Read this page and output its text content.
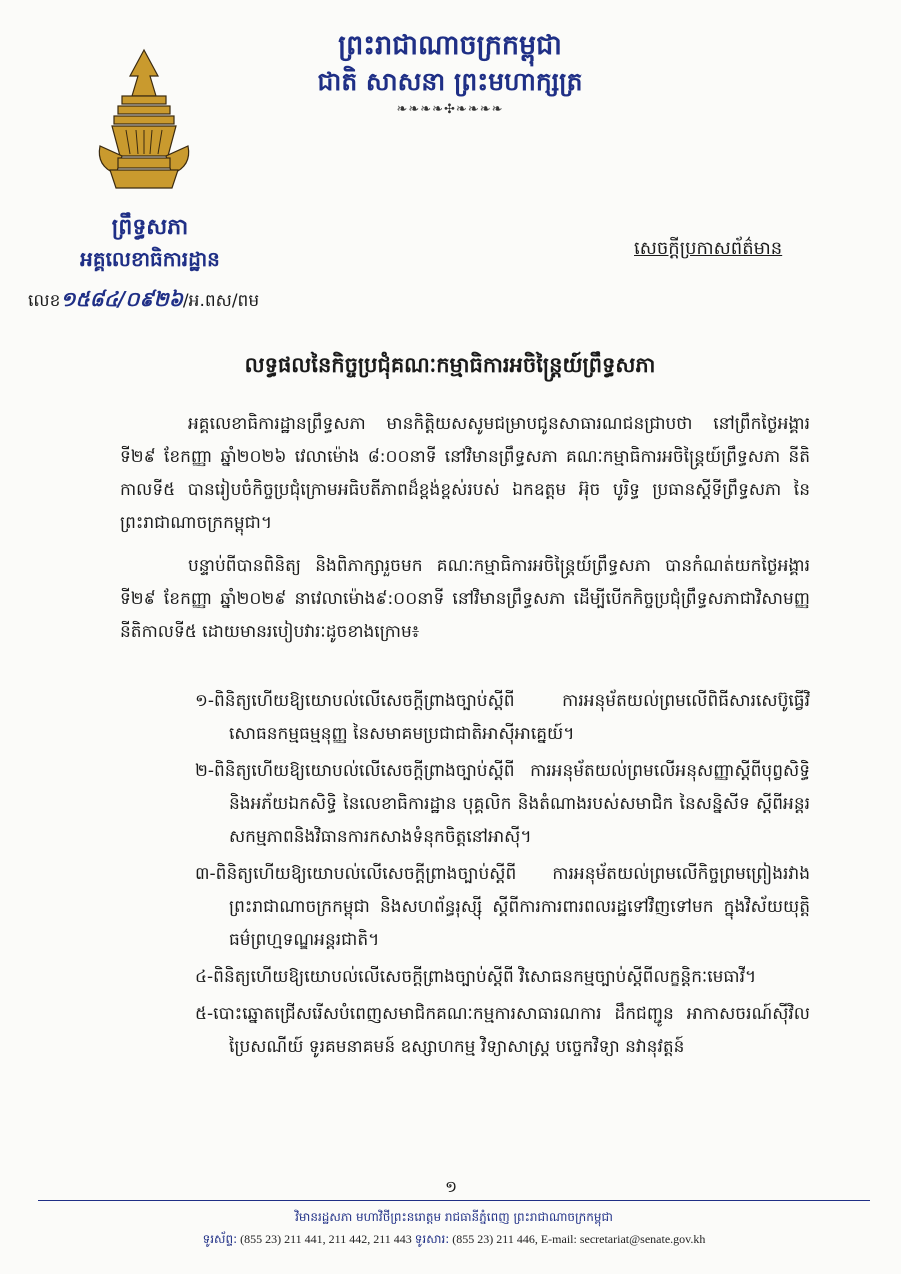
ព្រះរាជាណាចក្រកម្ពុជា
ជាតិ សាសនា ព្រះមហាក្សត្រ
❧❧❧❧✣❧❧❧❧
ព្រឹទ្ធសភា
អគ្គលេខាធិការដ្ឋាន
លេខ១៥៨៤/០៩២៦/អ.ពស/ពម
សេចក្តីប្រកាសព័ត៌មាន
លទ្ធផលនៃកិច្ចប្រជុំគណៈកម្មាធិការអចិន្ត្រៃយ៍ព្រឹទ្ធសភា

អគ្គលេខាធិការដ្ឋានព្រឹទ្ធសភា មានកិត្តិយសសូមជម្រាបជូនសាធារណជនជ្រាបថា នៅព្រឹកថ្ងៃអង្គារ ទី២៩ ខែកញ្ញា ឆ្នាំ២០២៦ វេលាម៉ោង ៨:០០នាទី នៅវិមានព្រឹទ្ធសភា គណៈកម្មាធិការអចិន្ត្រៃយ៍ព្រឹទ្ធសភា នីតិកាលទី៥ បានរៀបចំកិច្ចប្រជុំក្រោមអធិបតីភាពដ៏ខ្ពង់ខ្ពស់របស់ ឯកឧត្តម អ៊ុច បូរិទ្ធ ប្រធានស្តីទីព្រឹទ្ធសភា នៃព្រះរាជាណាចក្រកម្ពុជា។

បន្ទាប់ពីបានពិនិត្យ និងពិភាក្សារួចមក គណៈកម្មាធិការអចិន្ត្រៃយ៍ព្រឹទ្ធសភា បានកំណត់យកថ្ងៃអង្គារ ទី២៩ ខែកញ្ញា ឆ្នាំ២០២៩ នាវេលាម៉ោង៩:០០នាទី នៅវិមានព្រឹទ្ធសភា ដើម្បីបើកកិច្ចប្រជុំព្រឹទ្ធសភាជាវិសាមញ្ញ នីតិកាលទី៥ ដោយមានរបៀបវារៈដូចខាងក្រោម៖

១-ពិនិត្យហើយឱ្យយោបល់លើសេចក្តីព្រាងច្បាប់ស្តីពី ការអនុម័តយល់ព្រមលើពិធីសារសេប៊ូធ្វើវិសោធនកម្មធម្មនុញ្ញ នៃសមាគមប្រជាជាតិអាស៊ីអាគ្នេយ៍។
២-ពិនិត្យហើយឱ្យយោបល់លើសេចក្តីព្រាងច្បាប់ស្តីពី ការអនុម័តយល់ព្រមលើអនុសញ្ញាស្តីពីបុព្វសិទ្ធិ និងអភ័យឯកសិទ្ធិ នៃលេខាធិការដ្ឋាន បុគ្គលិក និងតំណាងរបស់សមាជិក នៃសន្និសីទ ស្តីពីអន្តរសកម្មភាពនិងវិធានការកសាងទំនុកចិត្តនៅអាស៊ី។
៣-ពិនិត្យហើយឱ្យយោបល់លើសេចក្តីព្រាងច្បាប់ស្តីពី ការអនុម័តយល់ព្រមលើកិច្ចព្រមព្រៀងរវាងព្រះរាជាណាចក្រកម្ពុជា និងសហព័ន្ធរុស្ស៊ី ស្តីពីការការពារពលរដ្ឋទៅវិញទៅមក ក្នុងវិស័យយុត្តិធម៌ព្រហ្មទណ្ឌអន្តរជាតិ។
៤-ពិនិត្យហើយឱ្យយោបល់លើសេចក្តីព្រាងច្បាប់ស្តីពី វិសោធនកម្មច្បាប់ស្តីពីលក្ខន្តិកៈមេធាវី។
៥-បោះឆ្នោតជ្រើសរើសបំពេញសមាជិកគណៈកម្មការសាធារណការ ដឹកជញ្ជូន អាកាសចរណ៍ស៊ីវិល ប្រៃសណីយ៍ ទូរគមនាគមន៍ ឧស្សាហកម្ម វិទ្យាសាស្ត្រ បច្ចេកវិទ្យា នវានុវត្តន៍
១
វិមានរដ្ឋសភា មហាវិថីព្រះនរោត្តម រាជធានីភ្នំពេញ ព្រះរាជាណាចក្រកម្ពុជា
ទូរស័ព្ទ: (855 23) 211 441, 211 442, 211 443 ទូរសារ: (855 23) 211 446, E-mail: secretariat@senate.gov.kh
